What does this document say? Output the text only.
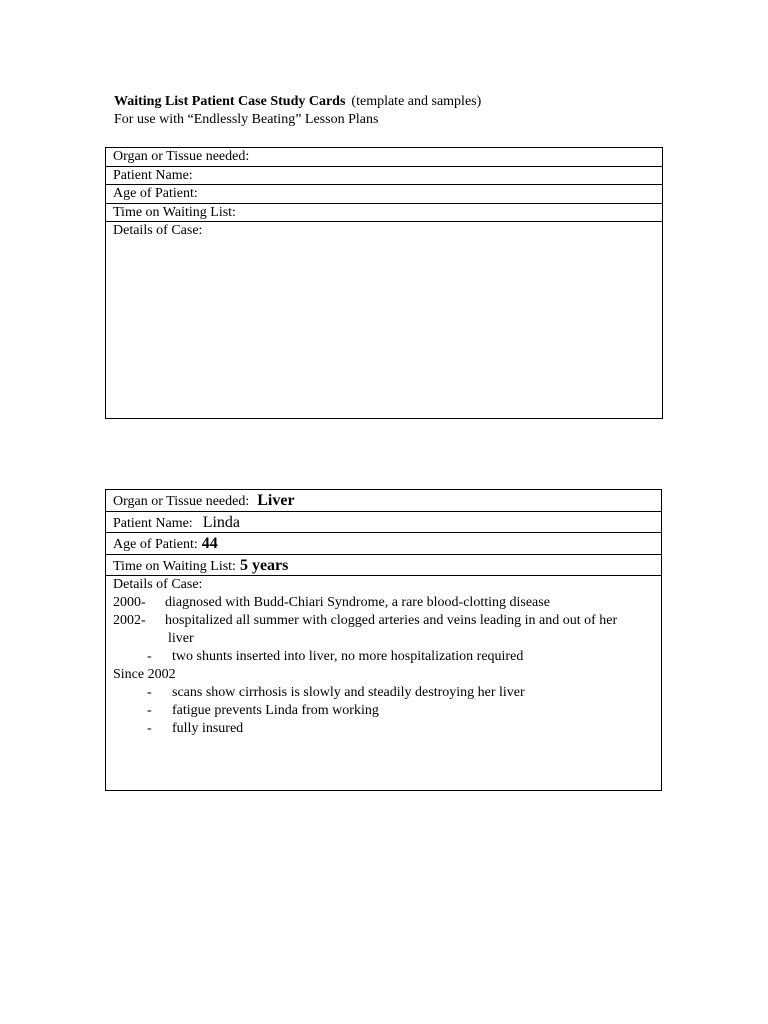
Waiting List Patient Case Study Cards (template and samples)
For use with “Endlessly Beating” Lesson Plans
Organ or Tissue needed:
Patient Name:
Age of Patient:
Time on Waiting List:
Details of Case:
Organ or Tissue needed: Liver
Patient Name: Linda
Age of Patient: 44
Time on Waiting List: 5 years
Details of Case:
2000- diagnosed with Budd-Chiari Syndrome, a rare blood-clotting disease
2002- hospitalized all summer with clogged arteries and veins leading in and out of her
liver
- two shunts inserted into liver, no more hospitalization required
Since 2002
- scans show cirrhosis is slowly and steadily destroying her liver
- fatigue prevents Linda from working
- fully insured
